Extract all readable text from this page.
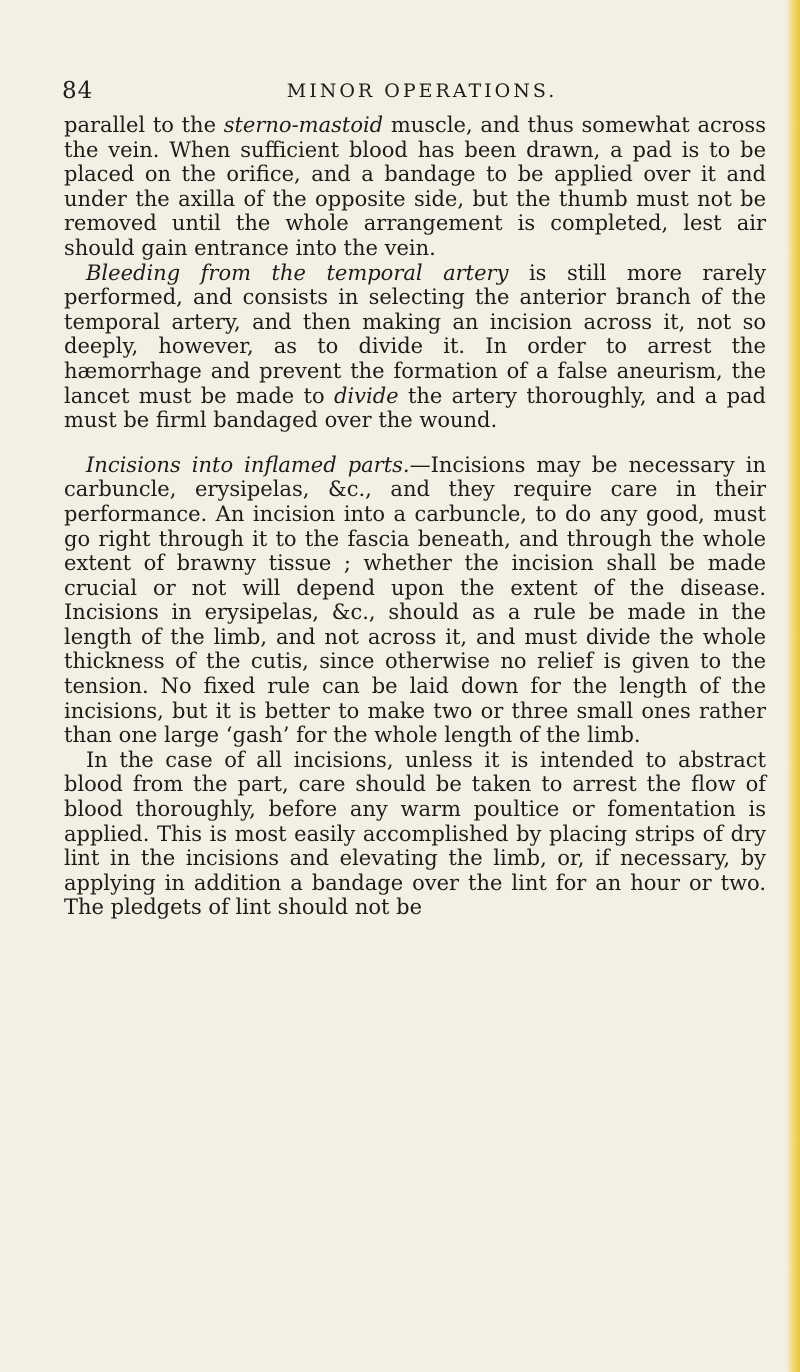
84	MINOR OPERATIONS.

parallel to the sterno-mastoid muscle, and thus somewhat across the vein. When sufficient blood has been drawn, a pad is to be placed on the orifice, and a bandage to be applied over it and under the axilla of the opposite side, but the thumb must not be removed until the whole arrangement is completed, lest air should gain entrance into the vein.

Bleeding from the temporal artery is still more rarely performed, and consists in selecting the anterior branch of the temporal artery, and then making an incision across it, not so deeply, however, as to divide it. In order to arrest the hæmorrhage and prevent the formation of a false aneurism, the lancet must be made to divide the artery thoroughly, and a pad must be firml bandaged over the wound.

Incisions into inflamed parts.—Incisions may be necessary in carbuncle, erysipelas, &c., and they require care in their performance. An incision into a carbuncle, to do any good, must go right through it to the fascia beneath, and through the whole extent of brawny tissue ; whether the incision shall be made crucial or not will depend upon the extent of the disease. Incisions in erysipelas, &c., should as a rule be made in the length of the limb, and not across it, and must divide the whole thickness of the cutis, since otherwise no relief is given to the tension. No fixed rule can be laid down for the length of the incisions, but it is better to make two or three small ones rather than one large ‘gash’ for the whole length of the limb.

In the case of all incisions, unless it is intended to abstract blood from the part, care should be taken to arrest the flow of blood thoroughly, before any warm poultice or fomentation is applied. This is most easily accomplished by placing strips of dry lint in the incisions and elevating the limb, or, if necessary, by applying in addition a bandage over the lint for an hour or two. The pledgets of lint should not be
